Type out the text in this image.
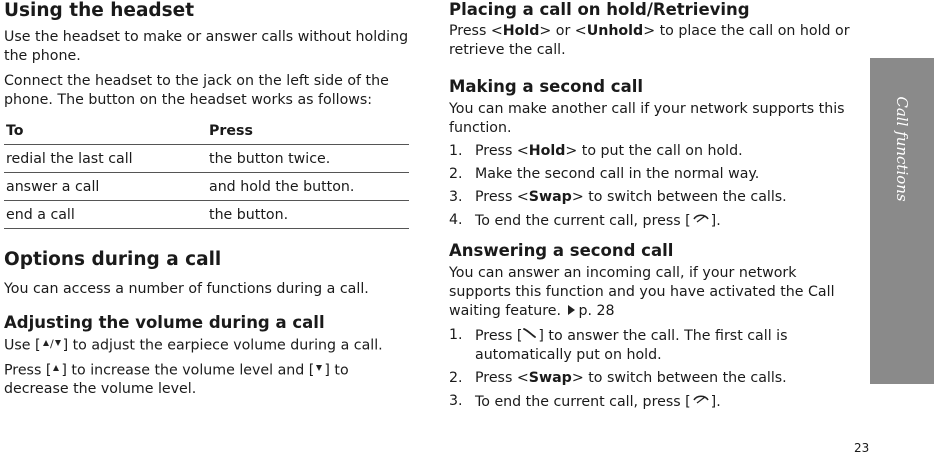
Using the headset

Use the headset to make or answer calls without holding the phone.

Connect the headset to the jack on the left side of the phone. The button on the headset works as follows:

To	Press
redial the last call	the button twice.
answer a call	and hold the button.
end a call	the button.
Options during a call

You can access a number of functions during a call.

Adjusting the volume during a call

Use [ / ] to adjust the earpiece volume during a call.

Press [ ] to increase the volume level and [ ] to decrease the volume level.

Placing a call on hold/Retrieving

Press <Hold> or <Unhold> to place the call on hold or retrieve the call.

Making a second call

You can make another call if your network supports this function.

1. Press <Hold> to put the call on hold.
2. Make the second call in the normal way.
3. Press <Swap> to switch between the calls.
4. To end the current call, press [ ].
Answering a second call

You can answer an incoming call, if your network supports this function and you have activated the Call waiting feature. p. 28

1. Press [ ] to answer the call. The first call is automatically put on hold.
2. Press <Swap> to switch between the calls.
3. To end the current call, press [ ].
Call functions
23
